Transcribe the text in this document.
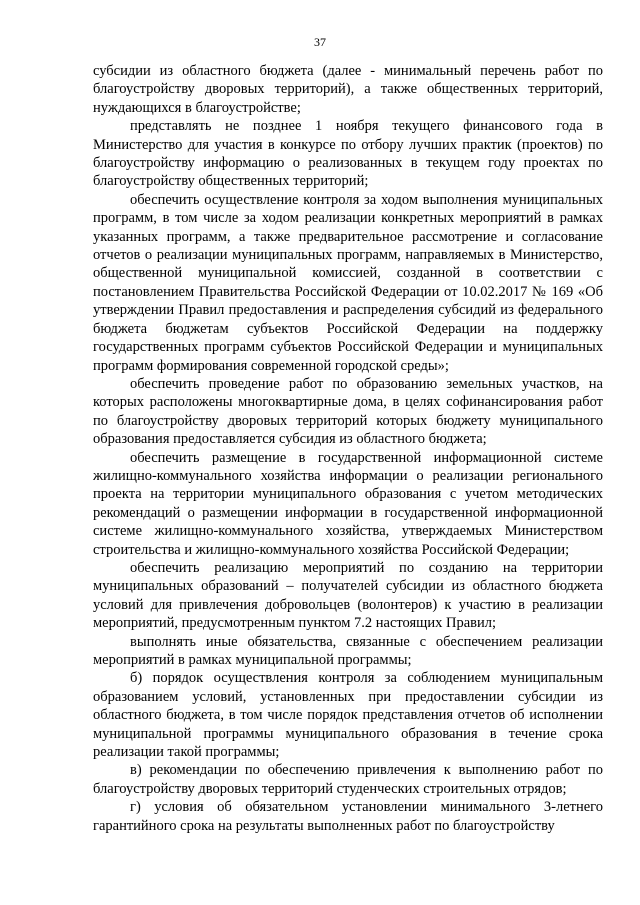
37

субсидии из областного бюджета (далее - минимальный перечень работ по благоустройству дворовых территорий), а также общественных территорий, нуждающихся в благоустройстве;

представлять не позднее 1 ноября текущего финансового года в Министерство для участия в конкурсе по отбору лучших практик (проектов) по благоустройству информацию о реализованных в текущем году проектах по благоустройству общественных территорий;

обеспечить осуществление контроля за ходом выполнения муниципальных программ, в том числе за ходом реализации конкретных мероприятий в рамках указанных программ, а также предварительное рассмотрение и согласование отчетов о реализации муниципальных программ, направляемых в Министерство, общественной муниципальной комиссией, созданной в соответствии с постановлением Правительства Российской Федерации от 10.02.2017 № 169 «Об утверждении Правил предоставления и распределения субсидий из федерального бюджета бюджетам субъектов Российской Федерации на поддержку государственных программ субъектов Российской Федерации и муниципальных программ формирования современной городской среды»;

обеспечить проведение работ по образованию земельных участков, на которых расположены многоквартирные дома, в целях софинансирования работ по благоустройству дворовых территорий которых бюджету муниципального образования предоставляется субсидия из областного бюджета;

обеспечить размещение в государственной информационной системе жилищно-коммунального хозяйства информации о реализации регионального проекта на территории муниципального образования с учетом методических рекомендаций о размещении информации в государственной информационной системе жилищно-коммунального хозяйства, утверждаемых Министерством строительства и жилищно-коммунального хозяйства Российской Федерации;

обеспечить реализацию мероприятий по созданию на территории муниципальных образований – получателей субсидии из областного бюджета условий для привлечения добровольцев (волонтеров) к участию в реализации мероприятий, предусмотренным пунктом 7.2 настоящих Правил;

выполнять иные обязательства, связанные с обеспечением реализации мероприятий в рамках муниципальной программы;

б) порядок осуществления контроля за соблюдением муниципальным образованием условий, установленных при предоставлении субсидии из областного бюджета, в том числе порядок представления отчетов об исполнении муниципальной программы муниципального образования в течение срока реализации такой программы;

в) рекомендации по обеспечению привлечения к выполнению работ по благоустройству дворовых территорий студенческих строительных отрядов;

г) условия об обязательном установлении минимального 3-летнего гарантийного срока на результаты выполненных работ по благоустройству
